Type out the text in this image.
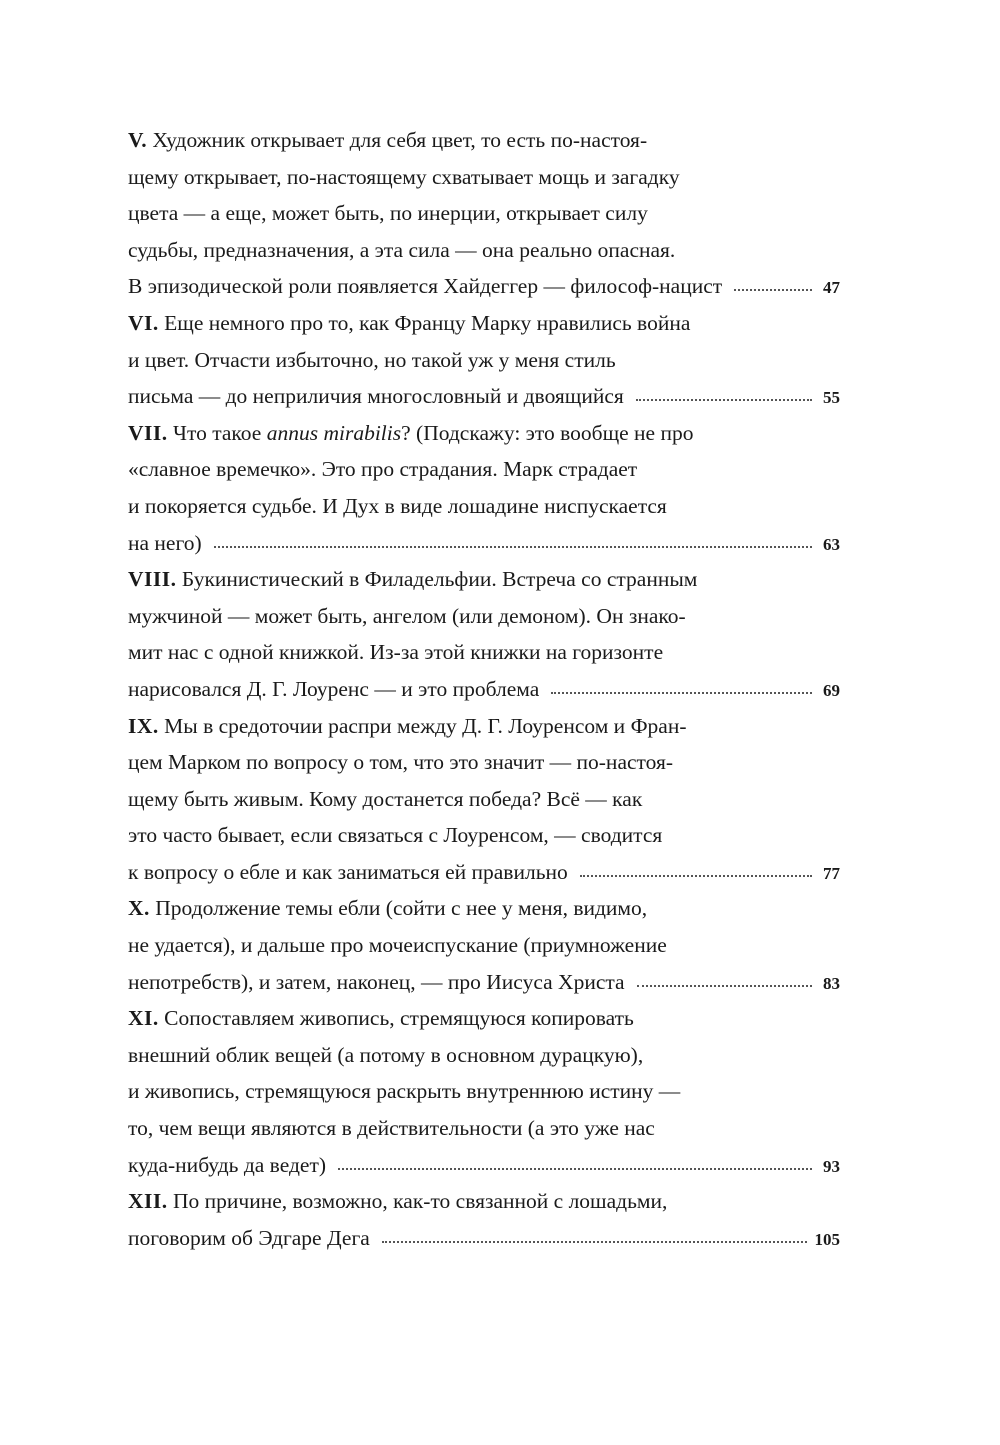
V. Художник открывает для себя цвет, то есть по-настоя-
щему открывает, по-настоящему схватывает мощь и загадку
цвета — а еще, может быть, по инерции, открывает силу
судьбы, предназначения, а эта сила — она реально опасная.
В эпизодической роли появляется Хайдеггер — философ-нацист	47
VI. Еще немного про то, как Францу Марку нравились война
и цвет. Отчасти избыточно, но такой уж у меня стиль
письма — до неприличия многословный и двоящийся	55
VII. Что такое annus mirabilis? (Подскажу: это вообще не про
«славное времечко». Это про страдания. Марк страдает
и покоряется судьбе. И Дух в виде лошадине ниспускается
на него)	63
VIII. Букинистический в Филадельфии. Встреча со странным
мужчиной — может быть, ангелом (или демоном). Он знако-
мит нас с одной книжкой. Из-за этой книжки на горизонте
нарисовался Д. Г. Лоуренс — и это проблема	69
IX. Мы в средоточии распри между Д. Г. Лоуренсом и Фран-
цем Марком по вопросу о том, что это значит — по-настоя-
щему быть живым. Кому достанется победа? Всё — как
это часто бывает, если связаться с Лоуренсом, — сводится
к вопросу о ебле и как заниматься ей правильно	77
X. Продолжение темы ебли (сойти с нее у меня, видимо,
не удается), и дальше про мочеиспускание (приумножение
непотребств), и затем, наконец, — про Иисуса Христа	83
XI. Сопоставляем живопись, стремящуюся копировать
внешний облик вещей (а потому в основном дурацкую),
и живопись, стремящуюся раскрыть внутреннюю истину —
то, чем вещи являются в действительности (а это уже нас
куда-нибудь да ведет)	93
XII. По причине, возможно, как-то связанной с лошадьми,
поговорим об Эдгаре Дега	105
